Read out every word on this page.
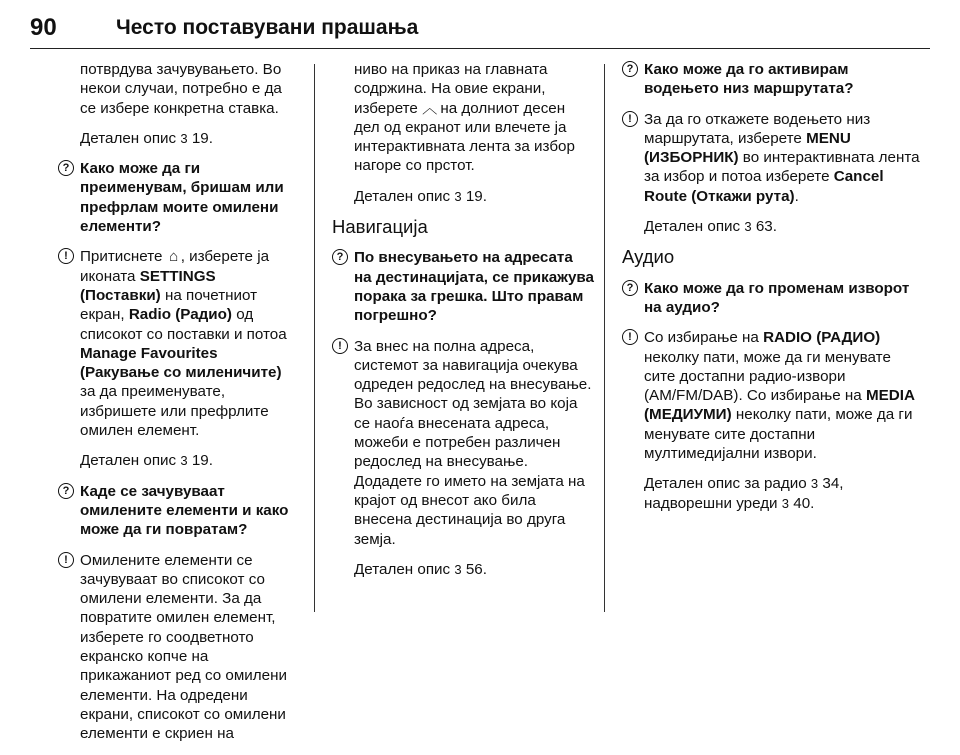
90	Често поставувани прашања

потврдува зачувувањето. Во некои случаи, потребно е да се избере конкретна ставка.

Детален опис 3 19.

? Како може да ги преименувам, бришам или префрлам моите омилени елементи?
! Притиснете ⌂ , изберете ја иконата SETTINGS (Поставки) на почетниот екран, Radio (Радио) од списокот со поставки и потоа Manage Favourites (Ракување со миленичите) за да преименувате, избришете или префрлите омилен елемент.

Детален опис 3 19.

? Каде се зачувуваат омилените елементи и како може да ги повратам?
! Омилените елементи се зачувуваат во списокот со омилени елементи. За да повратите омилен елемент, изберете го соодветното екранско копче на прикажаниот ред со омилени елементи. На одредени екрани, списокот со омилени елементи е скриен на

ниво на приказ на главната содржина. На овие екрани, изберете ︿ на долниот десен дел од екранот или влечете ја интерактивната лента за избор нагоре со прстот.

Детален опис 3 19.

Навигација
? По внесувањето на адресата на дестинацијата, се прикажува порака за грешка. Што правам погрешно?
! За внес на полна адреса, системот за навигација очекува одреден редослед на внесување. Во зависност од земјата во која се наоѓа внесената адреса, можеби е потребен различен редослед на внесување. Додадете го името на земјата на крајот од внесот ако била внесена дестинација во друга земја.

Детален опис 3 56.

? Како може да го активирам водењето низ маршрутата?
! За да го откажете водењето низ маршрутата, изберете MENU (ИЗБОРНИК) во интерактивната лента за избор и потоа изберете Cancel Route (Откажи рута).

Детален опис 3 63.

Аудио
? Како може да го променам изворот на аудио?
! Со избирање на RADIO (РАДИО) неколку пати, може да ги менувате сите достапни радио-извори (AM/FM/DAB). Со избирање на MEDIA (МЕДИУМИ) неколку пати, може да ги менувате сите достапни мултимедијални извори.

Детален опис за радио 3 34,
надворешни уреди 3 40.
